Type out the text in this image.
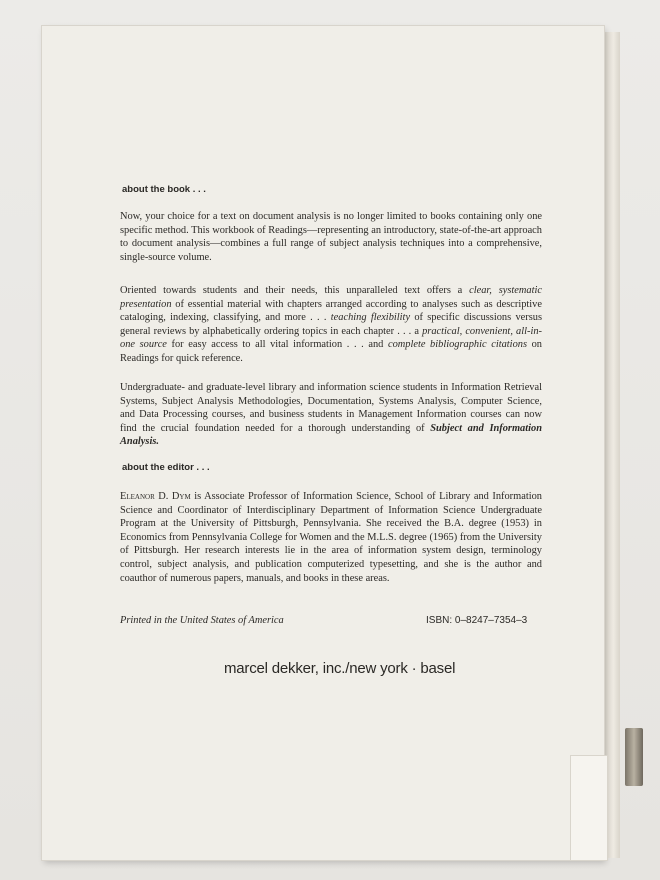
about the book . . .

Now, your choice for a text on document analysis is no longer limited to books containing only one specific method. This workbook of Readings—representing an introductory, state-of-the-art approach to document analysis—combines a full range of subject analysis techniques into a comprehensive, single-source volume.

Oriented towards students and their needs, this unparalleled text offers a clear, systematic presentation of essential material with chapters arranged according to analyses such as descriptive cataloging, indexing, classifying, and more . . . teaching flexibility of specific discussions versus general reviews by alphabetically ordering topics in each chapter . . . a practical, convenient, all-in-one source for easy access to all vital information . . . and complete bibliographic citations on Readings for quick reference.

Undergraduate- and graduate-level library and information science students in Information Retrieval Systems, Subject Analysis Methodologies, Documentation, Systems Analysis, Computer Science, and Data Processing courses, and business students in Management Information courses can now find the crucial foundation needed for a thorough understanding of Subject and Information Analysis.

about the editor . . .

Eleanor D. Dym is Associate Professor of Information Science, School of Library and Information Science and Coordinator of Interdisciplinary Department of Information Science Undergraduate Program at the University of Pittsburgh, Pennsylvania. She received the B.A. degree (1953) in Economics from Pennsylvania College for Women and the M.L.S. degree (1965) from the University of Pittsburgh. Her research interests lie in the area of information system design, terminology control, subject analysis, and publication computerized typesetting, and she is the author and coauthor of numerous papers, manuals, and books in these areas.

Printed in the United States of America	ISBN: 0–8247–7354–3

marcel dekker, inc./new york · basel
